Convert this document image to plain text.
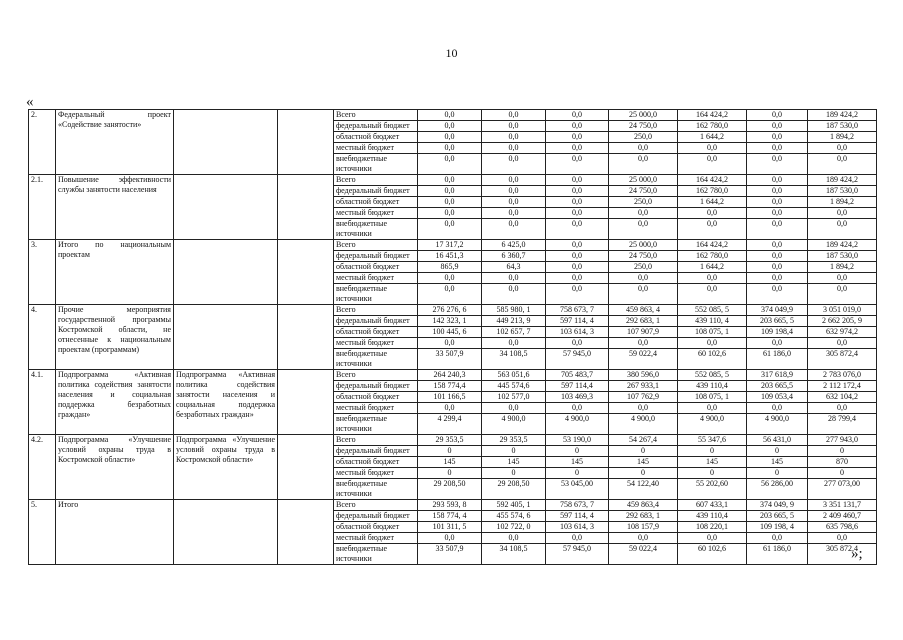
10
«
2.	Федеральный проект «Содействие занятости»			Всего	0,0	0,0	0,0	25 000,0	164 424,2	0,0	189 424,2
				федеральный бюджет	0,0	0,0	0,0	24 750,0	162 780,0	0,0	187 530,0
				областной бюджет	0,0	0,0	0,0	250,0	1 644,2	0,0	1 894,2
				местный бюджет	0,0	0,0	0,0	0,0	0,0	0,0	0,0
				внебюджетные источники	0,0	0,0	0,0	0,0	0,0	0,0	0,0
2.1.	Повышение эффективности службы занятости населения			Всего	0,0	0,0	0,0	25 000,0	164 424,2	0,0	189 424,2
				федеральный бюджет	0,0	0,0	0,0	24 750,0	162 780,0	0,0	187 530,0
				областной бюджет	0,0	0,0	0,0	250,0	1 644,2	0,0	1 894,2
				местный бюджет	0,0	0,0	0,0	0,0	0,0	0,0	0,0
				внебюджетные источники	0,0	0,0	0,0	0,0	0,0	0,0	0,0
3.	Итого по национальным проектам			Всего	17 317,2	6 425,0	0,0	25 000,0	164 424,2	0,0	189 424,2
				федеральный бюджет	16 451,3	6 360,7	0,0	24 750,0	162 780,0	0,0	187 530,0
				областной бюджет	865,9	64,3	0,0	250,0	1 644,2	0,0	1 894,2
				местный бюджет	0,0	0,0	0,0	0,0	0,0	0,0	0,0
				внебюджетные источники	0,0	0,0	0,0	0,0	0,0	0,0	0,0
4.	Прочие мероприятия государственной программы Костромской области, не отнесенные к национальным проектам (программам)			Всего	276 276, 6	585 980, 1	758 673, 7	459 863, 4	552 085, 5	374 049,9	3 051 019,0
				федеральный бюджет	142 323, 1	449 213, 9	597 114, 4	292 683, 1	439 110, 4	203 665, 5	2 662 205, 9
				областной бюджет	100 445, 6	102 657, 7	103 614, 3	107 907,9	108 075, 1	109 198,4	632 974,2
				местный бюджет	0,0	0,0	0,0	0,0	0,0	0,0	0,0
				внебюджетные источники	33 507,9	34 108,5	57 945,0	59 022,4	60 102,6	61 186,0	305 872,4
4.1.	Подпрограмма «Активная политика содействия занятости населения и социальная поддержка безработных граждан»	Подпрограмма «Активная политика содействия занятости населения и социальная поддержка безработных граждан»		Всего	264 240,3	563 051,6	705 483,7	380 596,0	552 085, 5	317 618,9	2 783 076,0
				федеральный бюджет	158 774,4	445 574,6	597 114,4	267 933,1	439 110,4	203 665,5	2 112 172,4
				областной бюджет	101 166,5	102 577,0	103 469,3	107 762,9	108 075, 1	109 053,4	632 104,2
				местный бюджет	0,0	0,0	0,0	0,0	0,0	0,0	0,0
				внебюджетные источники	4 299,4	4 900,0	4 900,0	4 900,0	4 900,0	4 900,0	28 799,4
4.2.	Подпрограмма «Улучшение условий охраны труда в Костромской области»	Подпрограмма «Улучшение условий охраны труда в Костромской области»		Всего	29 353,5	29 353,5	53 190,0	54 267,4	55 347,6	56 431,0	277 943,0
				федеральный бюджет	0	0	0	0	0	0	0
				областной бюджет	145	145	145	145	145	145	870
				местный бюджет	0	0	0	0	0	0	0
				внебюджетные источники	29 208,50	29 208,50	53 045,00	54 122,40	55 202,60	56 286,00	277 073,00
5.	Итого			Всего	293 593, 8	592 405, 1	758 673, 7	459 863,4	607 433,1	374 049, 9	3 351 131,7
				федеральный бюджет	158 774, 4	455 574, 6	597 114, 4	292 683, 1	439 110,4	203 665, 5	2 409 460,7
				областной бюджет	101 311, 5	102 722, 0	103 614, 3	108 157,9	108 220,1	109 198, 4	635 798,6
				местный бюджет	0,0	0,0	0,0	0,0	0,0	0,0	0,0
				внебюджетные источники	33 507,9	34 108,5	57 945,0	59 022,4	60 102,6	61 186,0	305 872,4
»;
